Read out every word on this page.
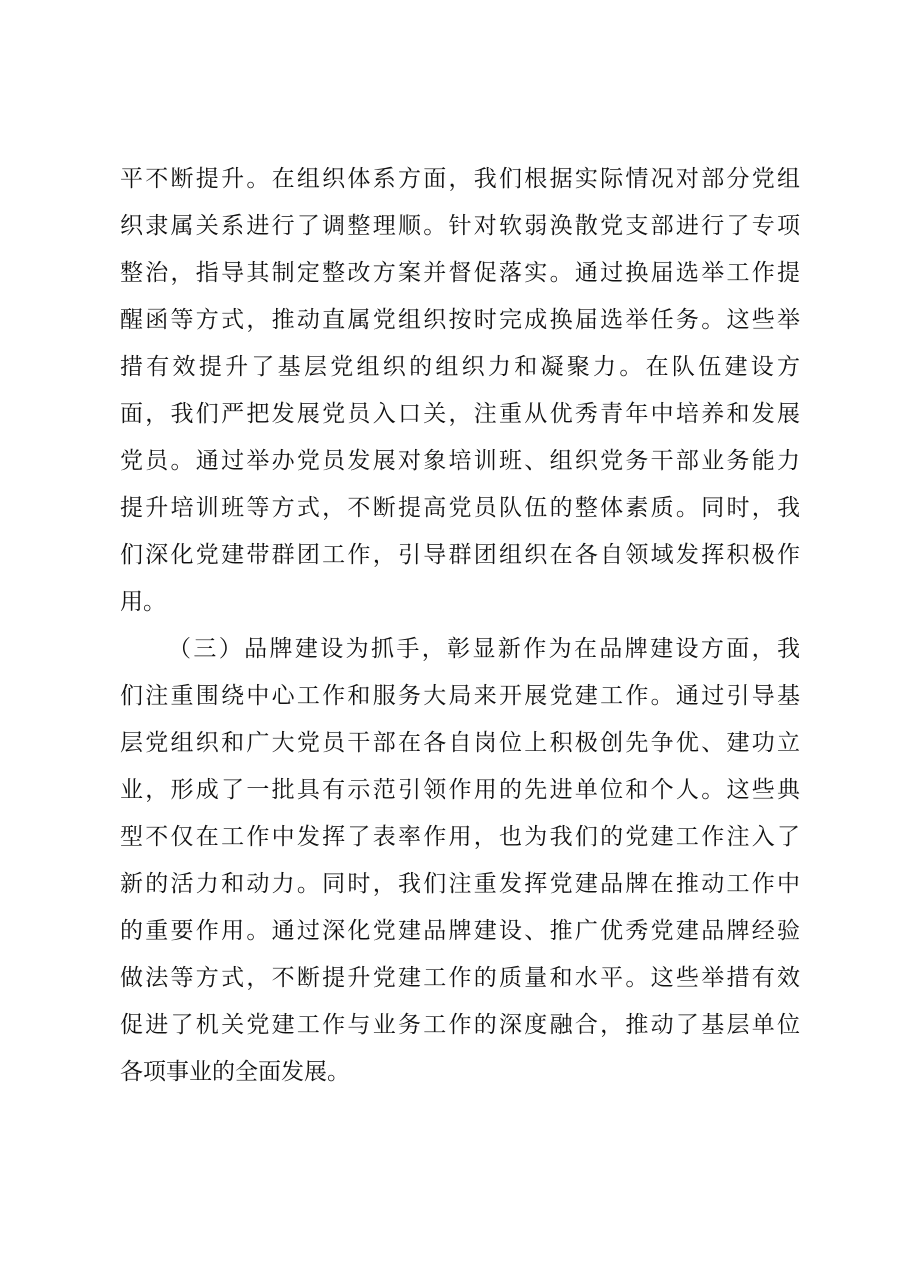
平不断提升。在组织体系方面，我们根据实际情况对部分党组
织隶属关系进行了调整理顺。针对软弱涣散党支部进行了专项
整治，指导其制定整改方案并督促落实。通过换届选举工作提
醒函等方式，推动直属党组织按时完成换届选举任务。这些举
措有效提升了基层党组织的组织力和凝聚力。在队伍建设方
面，我们严把发展党员入口关，注重从优秀青年中培养和发展
党员。通过举办党员发展对象培训班、组织党务干部业务能力
提升培训班等方式，不断提高党员队伍的整体素质。同时，我
们深化党建带群团工作，引导群团组织在各自领域发挥积极作
用。
（三）品牌建设为抓手，彰显新作为在品牌建设方面，我
们注重围绕中心工作和服务大局来开展党建工作。通过引导基
层党组织和广大党员干部在各自岗位上积极创先争优、建功立
业，形成了一批具有示范引领作用的先进单位和个人。这些典
型不仅在工作中发挥了表率作用，也为我们的党建工作注入了
新的活力和动力。同时，我们注重发挥党建品牌在推动工作中
的重要作用。通过深化党建品牌建设、推广优秀党建品牌经验
做法等方式，不断提升党建工作的质量和水平。这些举措有效
促进了机关党建工作与业务工作的深度融合，推动了基层单位
各项事业的全面发展。
